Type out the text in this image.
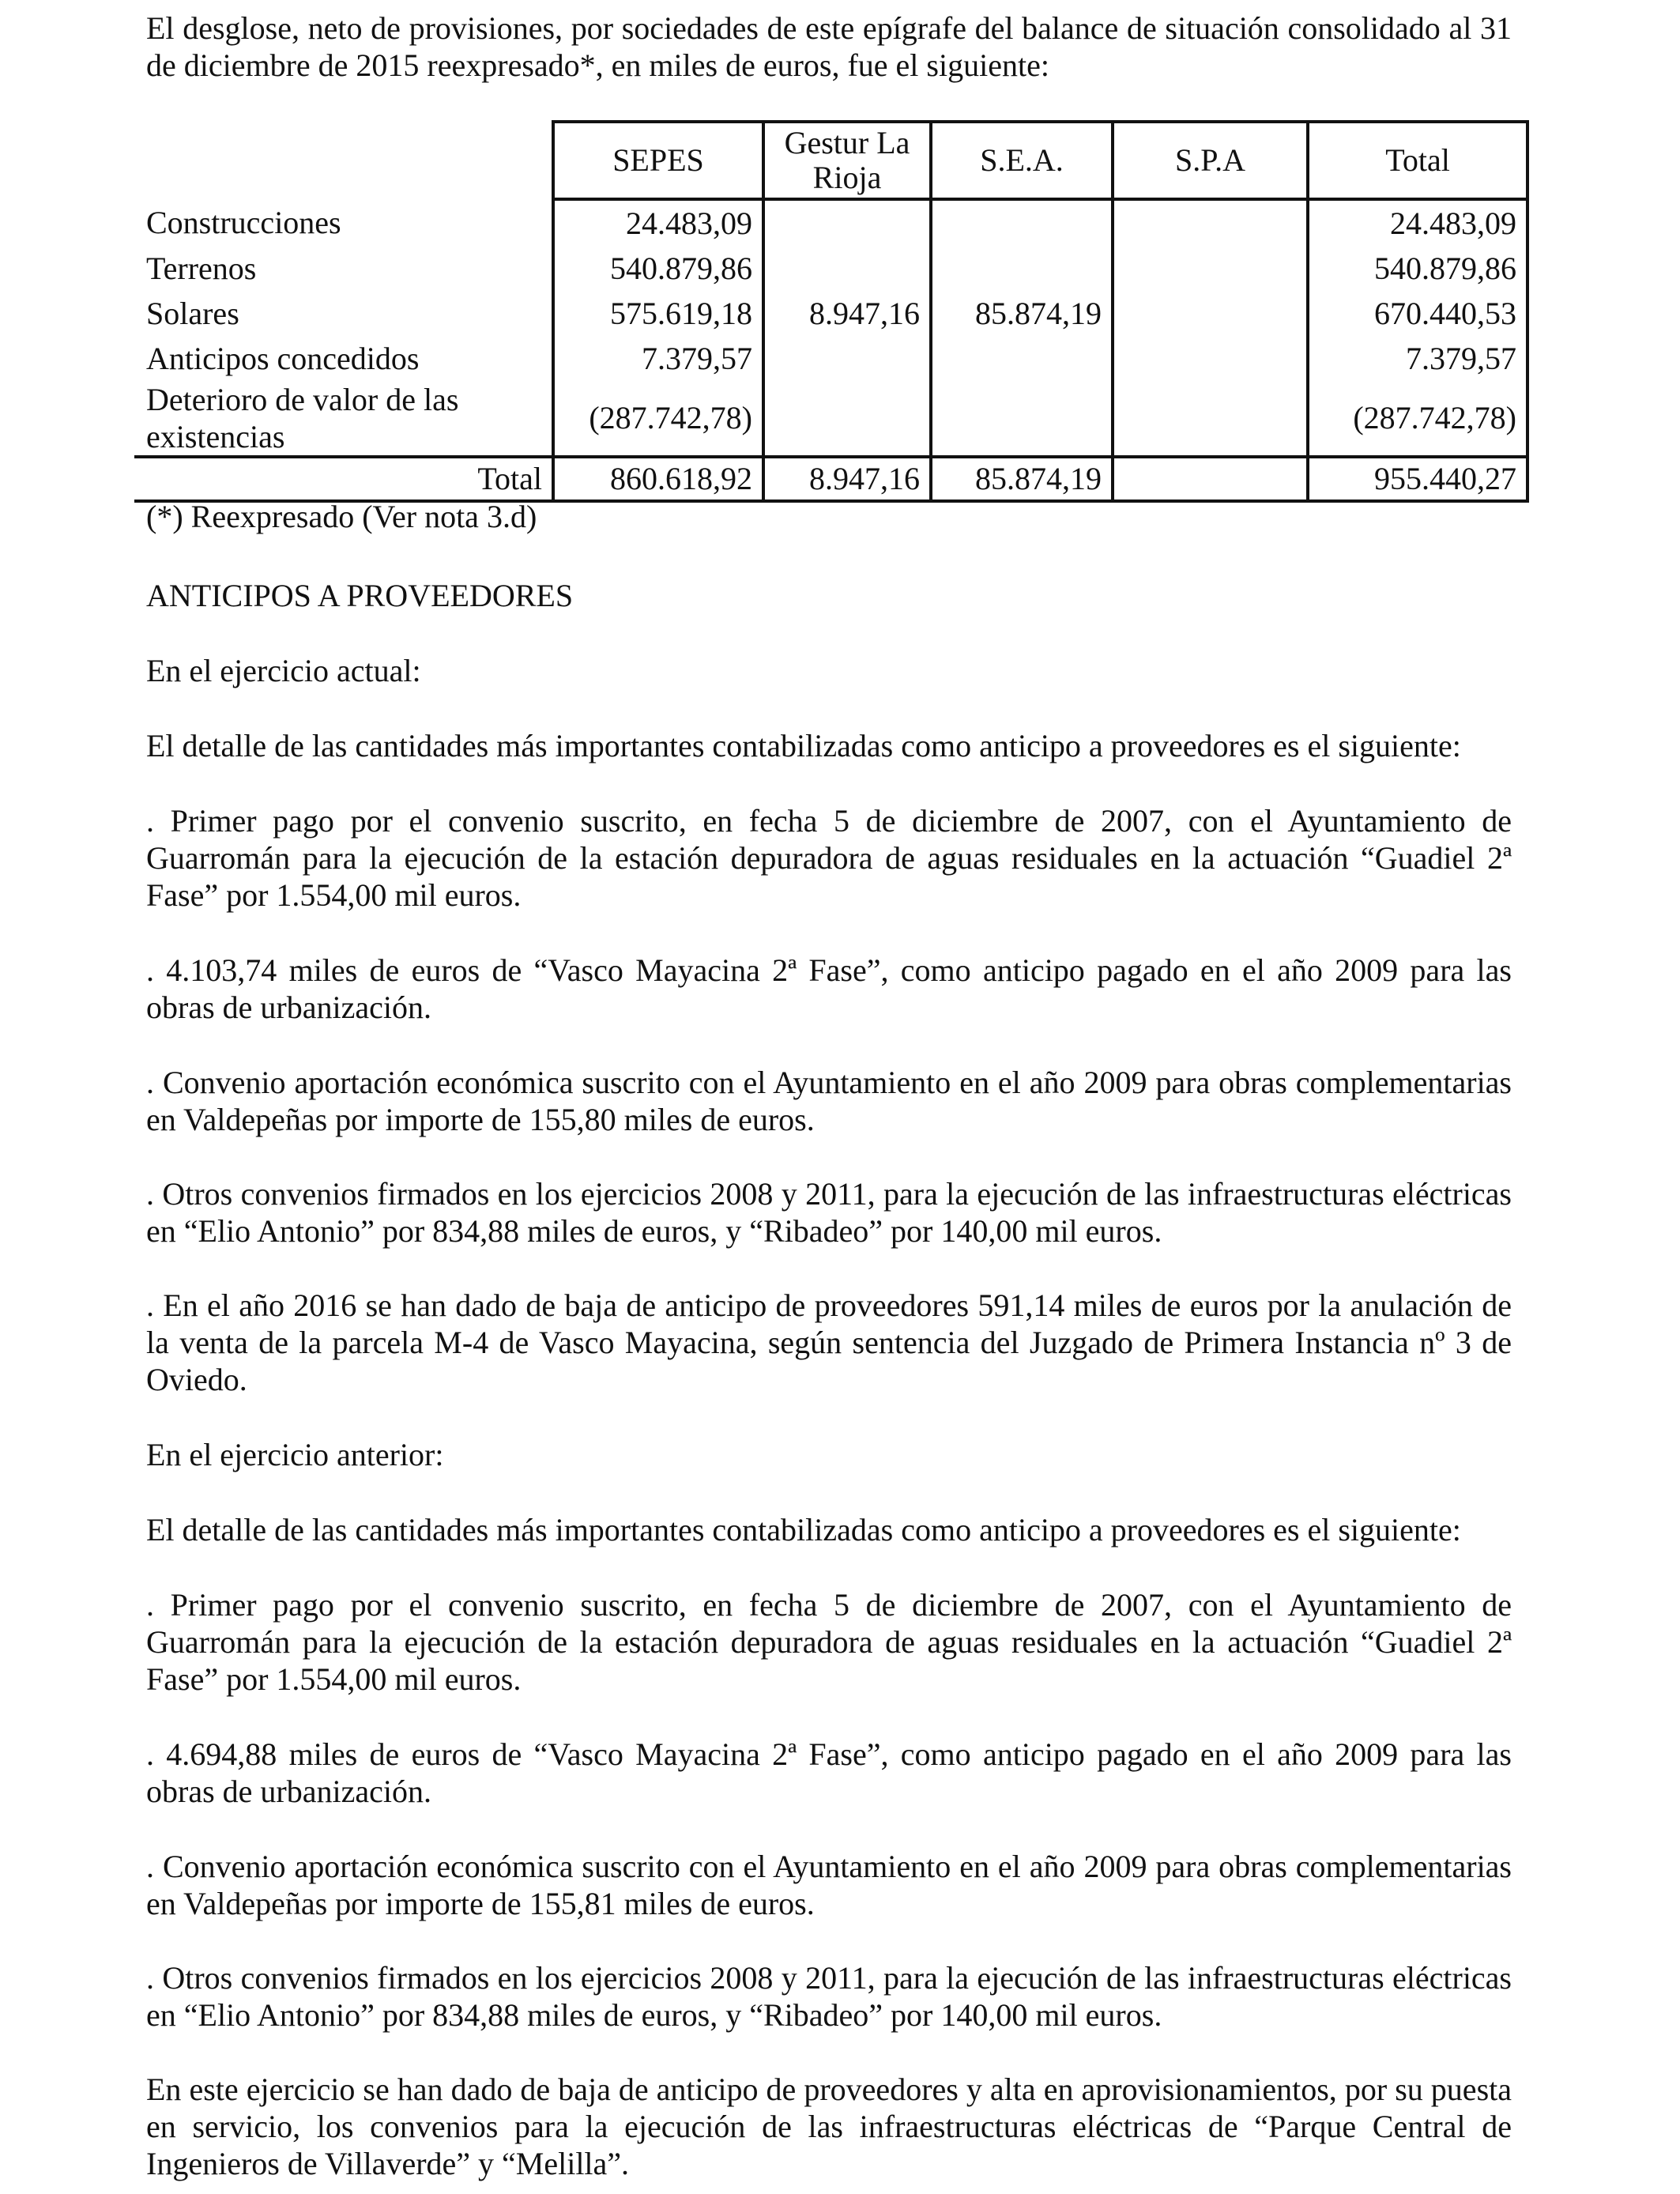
El desglose, neto de provisiones, por sociedades de este epígrafe del balance de situación consolidado al 31 de diciembre de 2015 reexpresado*, en miles de euros, fue el siguiente:

	SEPES	Gestur La Rioja	S.E.A.	S.P.A	Total
Construcciones	24.483,09				24.483,09
Terrenos	540.879,86				540.879,86
Solares	575.619,18	8.947,16	85.874,19		670.440,53
Anticipos concedidos	7.379,57				7.379,57
Deterioro de valor de las existencias	(287.742,78)				(287.742,78)
Total	860.618,92	8.947,16	85.874,19		955.440,27

(*) Reexpresado (Ver nota 3.d)

ANTICIPOS A PROVEEDORES

En el ejercicio actual:

El detalle de las cantidades más importantes contabilizadas como anticipo a proveedores es el siguiente:

. Primer pago por el convenio suscrito, en fecha 5 de diciembre de 2007, con el Ayuntamiento de Guarromán para la ejecución de la estación depuradora de aguas residuales en la actuación “Guadiel 2ª Fase” por 1.554,00 mil euros.

. 4.103,74 miles de euros de “Vasco Mayacina 2ª Fase”, como anticipo pagado en el año 2009 para las obras de urbanización.

. Convenio aportación económica suscrito con el Ayuntamiento en el año 2009 para obras complementarias en Valdepeñas por importe de 155,80 miles de euros.

. Otros convenios firmados en los ejercicios 2008 y 2011, para la ejecución de las infraestructuras eléctricas en “Elio Antonio” por 834,88 miles de euros, y “Ribadeo” por 140,00 mil euros.

. En el año 2016 se han dado de baja de anticipo de proveedores 591,14 miles de euros por la anulación de la venta de la parcela M-4 de Vasco Mayacina, según sentencia del Juzgado de Primera Instancia nº 3 de Oviedo.

En el ejercicio anterior:

El detalle de las cantidades más importantes contabilizadas como anticipo a proveedores es el siguiente:

. Primer pago por el convenio suscrito, en fecha 5 de diciembre de 2007, con el Ayuntamiento de Guarromán para la ejecución de la estación depuradora de aguas residuales en la actuación “Guadiel 2ª Fase” por 1.554,00 mil euros.

. 4.694,88 miles de euros de “Vasco Mayacina 2ª Fase”, como anticipo pagado en el año 2009 para las obras de urbanización.

. Convenio aportación económica suscrito con el Ayuntamiento en el año 2009 para obras complementarias en Valdepeñas por importe de 155,81 miles de euros.

. Otros convenios firmados en los ejercicios 2008 y 2011, para la ejecución de las infraestructuras eléctricas en “Elio Antonio” por 834,88 miles de euros, y “Ribadeo” por 140,00 mil euros.

En este ejercicio se han dado de baja de anticipo de proveedores y alta en aprovisionamientos, por su puesta en servicio, los convenios para la ejecución de las infraestructuras eléctricas de “Parque Central de Ingenieros de Villaverde” y “Melilla”.
